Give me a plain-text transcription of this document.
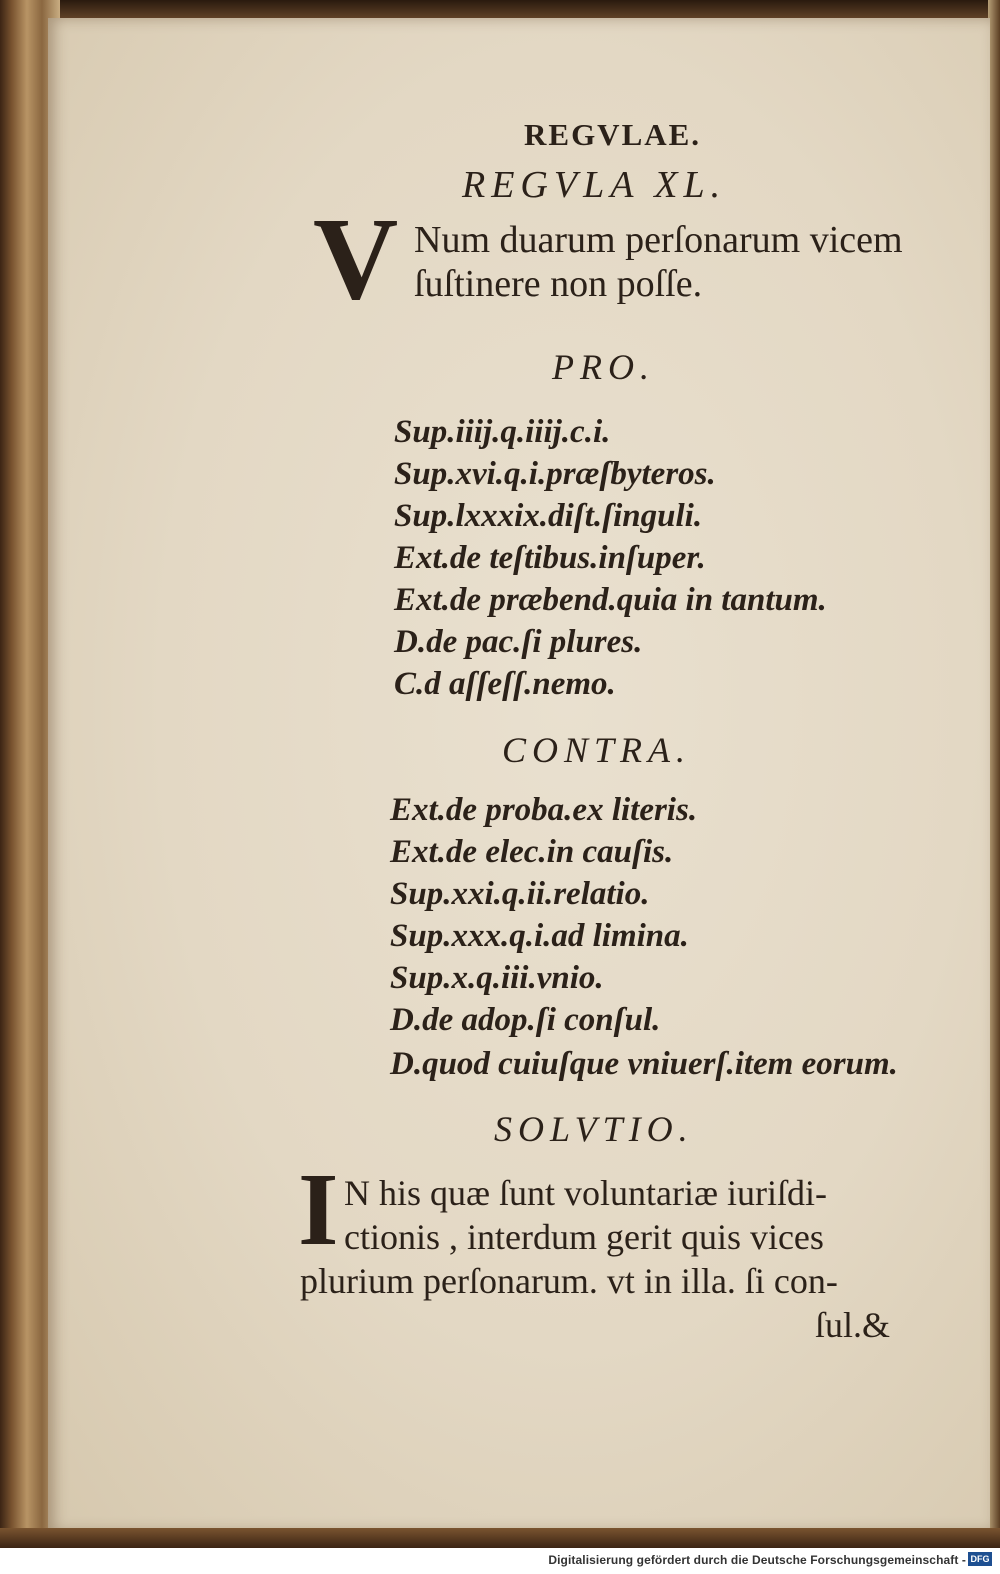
REGVLAE.
REGVLA XL.
V Num duarum perſonarum vicem
ſuſtinere non poſſe.
PRO.
Sup.iiij.q.iiij.c.i.
Sup.xvi.q.i.præſbyteros.
Sup.lxxxix.diſt.ſinguli.
Ext.de teſtibus.inſuper.
Ext.de præbend.quia in tantum.
D.de pac.ſi plures.
C.d aſſeſſ.nemo.
CONTRA.
Ext.de proba.ex literis.
Ext.de elec.in cauſis.
Sup.xxi.q.ii.relatio.
Sup.xxx.q.i.ad limina.
Sup.x.q.iii.vnio.
D.de adop.ſi conſul.
D.quod cuiuſque vniuerſ.item eorum.
SOLVTIO.
I N his quæ ſunt voluntariæ iuriſdi-
ctionis , interdum gerit quis vices
plurium perſonarum. vt in illa. ſi con-
ſul.&
Digitalisierung gefördert durch die Deutsche Forschungsgemeinschaft - DFG
